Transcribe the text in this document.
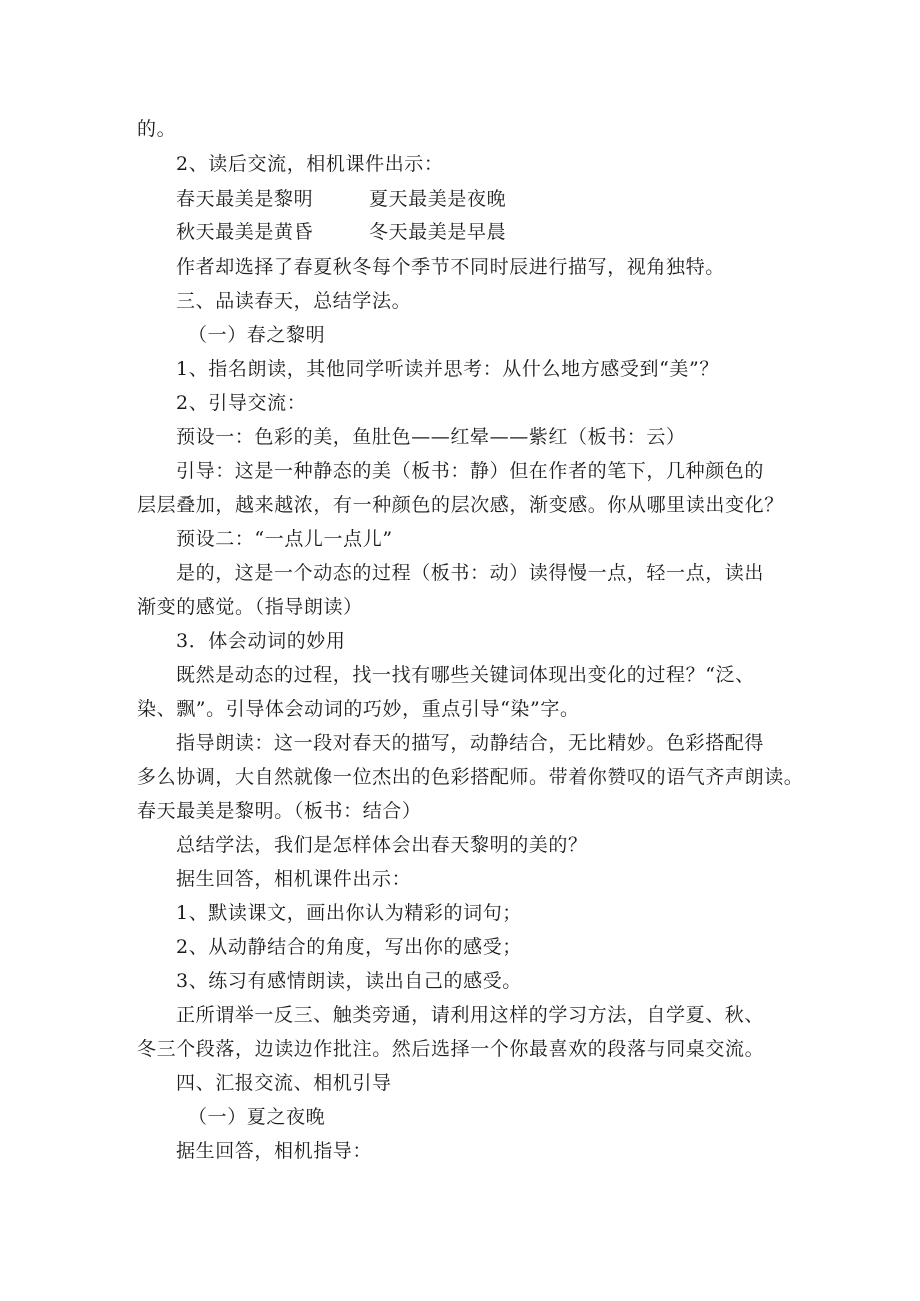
的。
2、读后交流，相机课件出示：
春天最美是黎明	夏天最美是夜晚
秋天最美是黄昏	冬天最美是早晨
作者却选择了春夏秋冬每个季节不同时辰进行描写，视角独特。
三、品读春天，总结学法。
（一）春之黎明
1、指名朗读，其他同学听读并思考：从什么地方感受到“美”？
2、引导交流：
预设一：色彩的美，鱼肚色——红晕——紫红（板书：云）
引导：这是一种静态的美（板书：静）但在作者的笔下，几种颜色的
层层叠加，越来越浓，有一种颜色的层次感，渐变感。你从哪里读出变化？
预设二：“一点儿一点儿”
是的，这是一个动态的过程（板书：动）读得慢一点，轻一点，读出
渐变的感觉。（指导朗读）
3．体会动词的妙用
既然是动态的过程，找一找有哪些关键词体现出变化的过程？“泛、
染、飘”。引导体会动词的巧妙，重点引导“染”字。
指导朗读：这一段对春天的描写，动静结合，无比精妙。色彩搭配得
多么协调，大自然就像一位杰出的色彩搭配师。带着你赞叹的语气齐声朗读。
春天最美是黎明。（板书：结合）
总结学法，我们是怎样体会出春天黎明的美的？
据生回答，相机课件出示：
1、默读课文，画出你认为精彩的词句；
2、从动静结合的角度，写出你的感受；
3、练习有感情朗读，读出自己的感受。
正所谓举一反三、触类旁通，请利用这样的学习方法，自学夏、秋、
冬三个段落，边读边作批注。然后选择一个你最喜欢的段落与同桌交流。
四、汇报交流、相机引导
（一）夏之夜晚
据生回答，相机指导：
